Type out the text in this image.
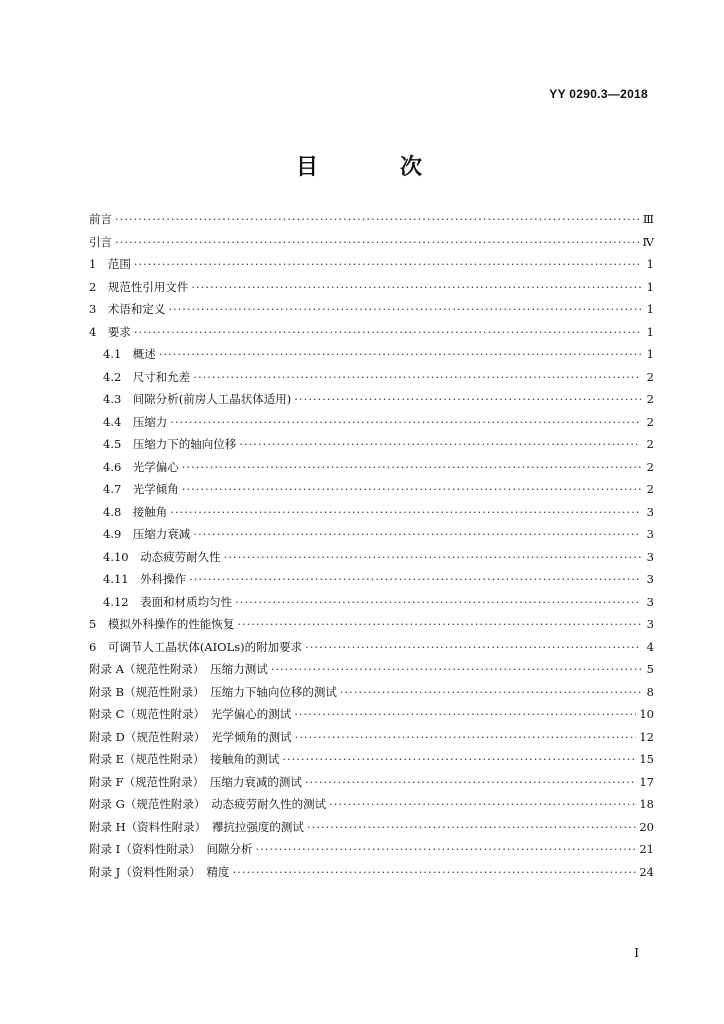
YY 0290.3—2018
目　次
前言 ·····	Ⅲ
引言 ·····	Ⅳ
1　范围 ·····	1
2　规范性引用文件 ·····	1
3　术语和定义 ·····	1
4　要求 ·····	1
4.1　概述 ·····	1
4.2　尺寸和允差 ·····	2
4.3　间隙分析(前房人工晶状体适用) ·····	2
4.4　压缩力 ·····	2
4.5　压缩力下的轴向位移 ·····	2
4.6　光学偏心 ·····	2
4.7　光学倾角 ·····	2
4.8　接触角 ·····	3
4.9　压缩力衰减 ·····	3
4.10　动态疲劳耐久性 ·····	3
4.11　外科操作 ·····	3
4.12　表面和材质均匀性 ·····	3
5　模拟外科操作的性能恢复 ·····	3
6　可调节人工晶状体(AIOLs)的附加要求 ·····	4
附录 A（规范性附录）　压缩力测试 ·····	5
附录 B（规范性附录）　压缩力下轴向位移的测试 ·····	8
附录 C（规范性附录）　光学偏心的测试 ·····	10
附录 D（规范性附录）　光学倾角的测试 ·····	12
附录 E（规范性附录）　接触角的测试 ·····	15
附录 F（规范性附录）　压缩力衰减的测试 ·····	17
附录 G（规范性附录）　动态疲劳耐久性的测试 ·····	18
附录 H（资料性附录）　襻抗拉强度的测试 ·····	20
附录 I（资料性附录）　间隙分析 ·····	21
附录 J（资料性附录）　精度 ·····	24
I
